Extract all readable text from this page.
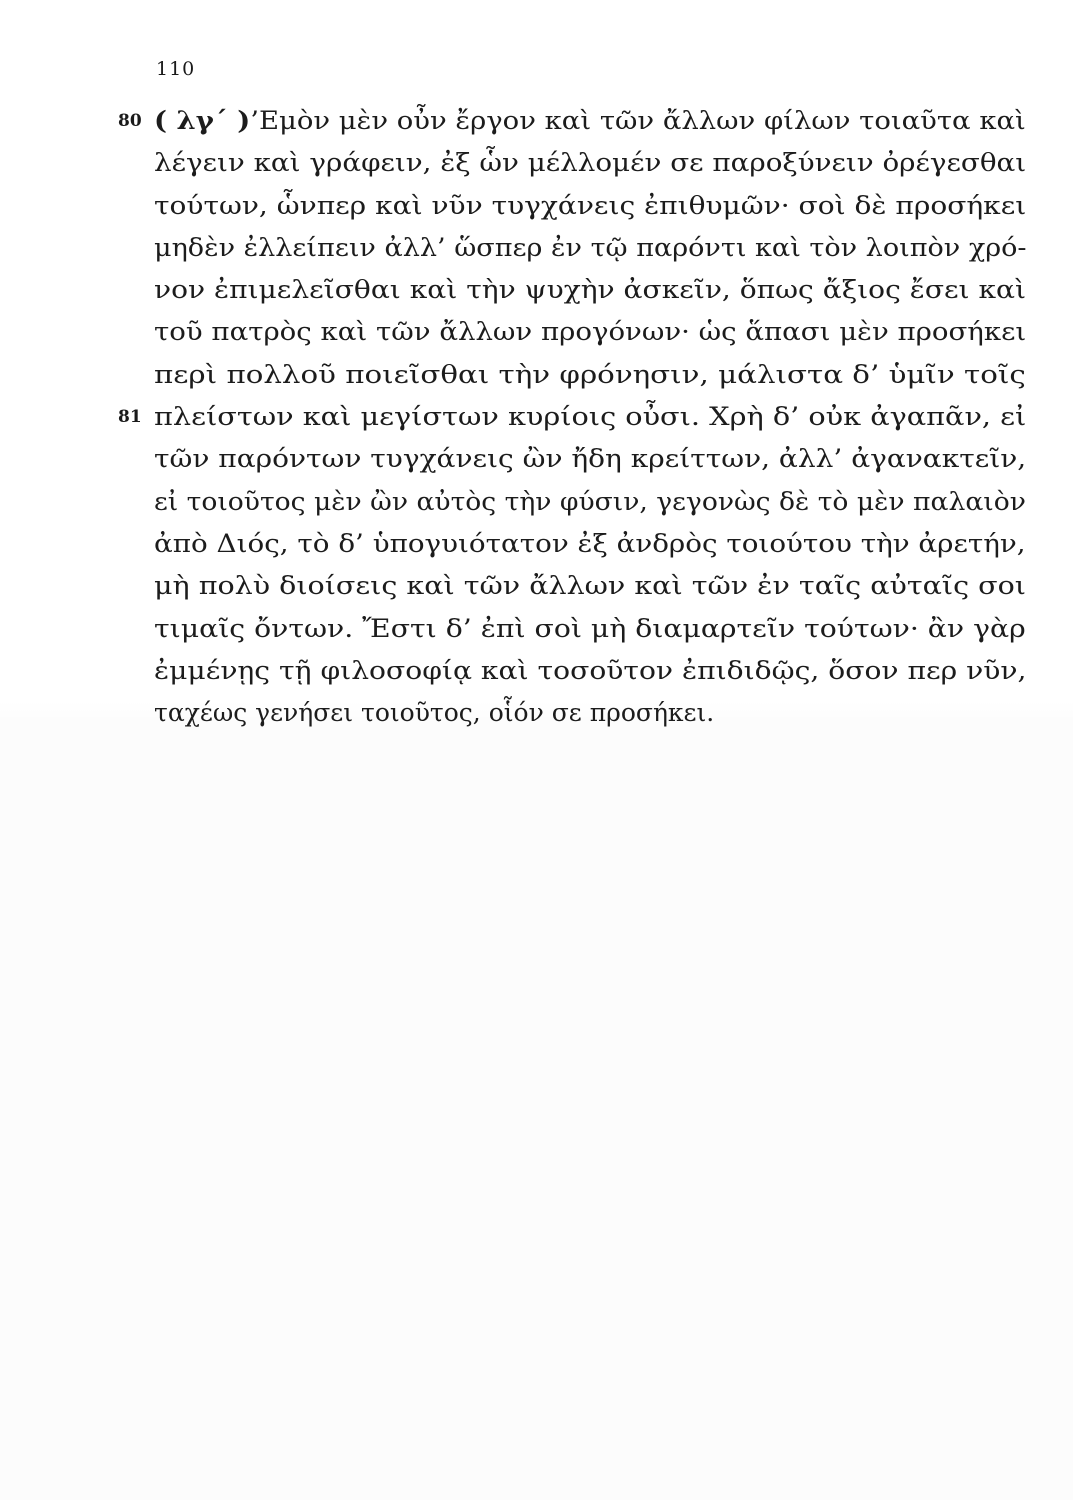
110
80 ( λγ΄ )’Εμὸν μὲν οὖν ἔργον καὶ τῶν ἄλλων φίλων τοιαῦτα καὶ
λέγειν καὶ γράφειν, ἐξ ὧν μέλλομέν σε παροξύνειν ὀρέγεσθαι
τούτων, ὧνπερ καὶ νῦν τυγχάνεις ἐπιθυμῶν· σοὶ δὲ προσήκει
μηδὲν ἐλλείπειν ἀλλ’ ὥσπερ ἐν τῷ παρόντι καὶ τὸν λοιπὸν χρό-
νον ἐπιμελεῖσθαι καὶ τὴν ψυχὴν ἀσκεῖν, ὅπως ἄξιος ἔσει καὶ
τοῦ πατρὸς καὶ τῶν ἄλλων προγόνων· ὡς ἅπασι μὲν προσήκει
περὶ πολλοῦ ποιεῖσθαι τὴν φρόνησιν, μάλιστα δ’ ὑμῖν τοῖς
81 πλείστων καὶ μεγίστων κυρίοις οὖσι. Χρὴ δ’ οὐκ ἀγαπᾶν, εἰ
τῶν παρόντων τυγχάνεις ὢν ἤδη κρείττων, ἀλλ’ ἀγανακτεῖν,
εἰ τοιοῦτος μὲν ὢν αὐτὸς τὴν φύσιν, γεγονὼς δὲ τὸ μὲν παλαιὸν
ἀπὸ Διός, τὸ δ’ ὑπογυιότατον ἐξ ἀνδρὸς τοιούτου τὴν ἀρετήν,
μὴ πολὺ διοίσεις καὶ τῶν ἄλλων καὶ τῶν ἐν ταῖς αὐταῖς σοι
τιμαῖς ὄντων. Ἔστι δ’ ἐπὶ σοὶ μὴ διαμαρτεῖν τούτων· ἂν γὰρ
ἐμμένῃς τῇ φιλοσοφίᾳ καὶ τοσοῦτον ἐπιδιδῷς, ὅσον περ νῦν,
ταχέως γενήσει τοιοῦτος, οἷόν σε προσήκει.
